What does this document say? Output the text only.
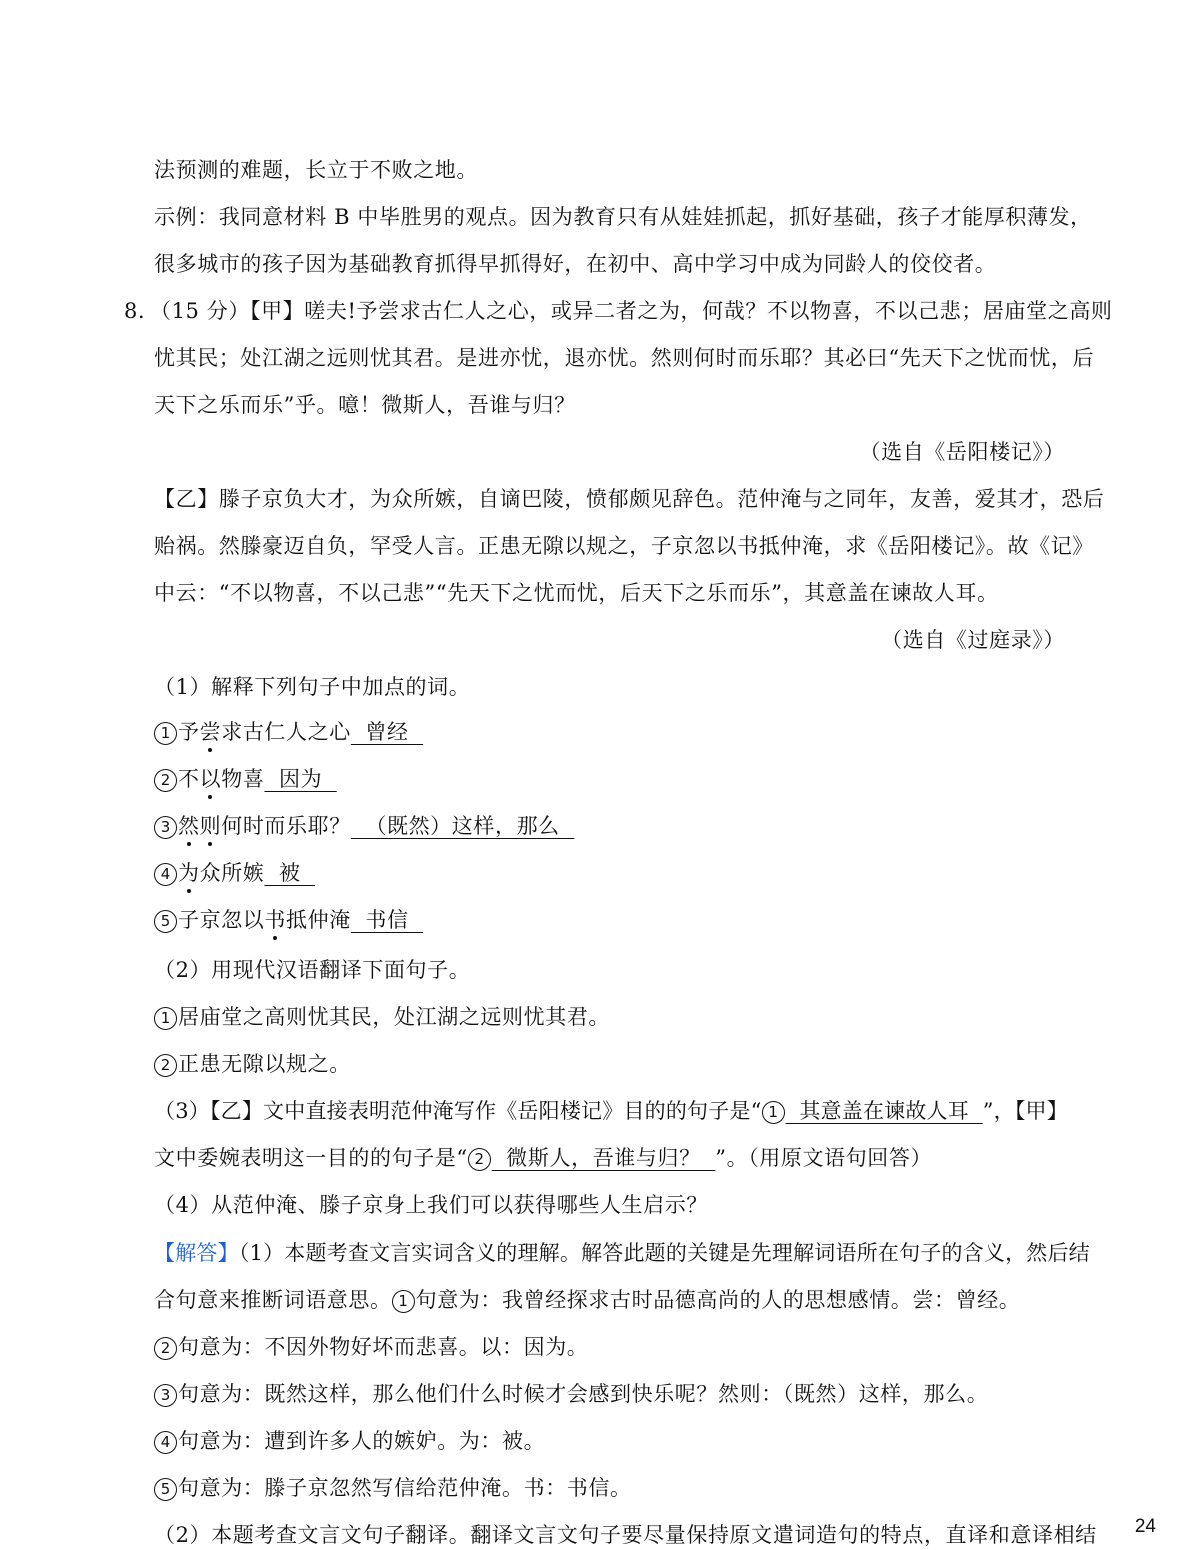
法预测的难题，长立于不败之地。
示例：我同意材料 B 中毕胜男的观点。因为教育只有从娃娃抓起，抓好基础，孩子才能厚积薄发，
很多城市的孩子因为基础教育抓得早抓得好，在初中、高中学习中成为同龄人的佼佼者。
8．
（15 分）【甲】嗟夫!予尝求古仁人之心，或异二者之为，何哉？不以物喜，不以己悲；居庙堂之高则
忧其民；处江湖之远则忧其君。是进亦忧，退亦忧。然则何时而乐耶？其必曰“先天下之忧而忧，后
天下之乐而乐”乎。噫！微斯人，吾谁与归？
（选自《岳阳楼记》）
【乙】滕子京负大才，为众所嫉，自谪巴陵，愤郁颇见辞色。范仲淹与之同年，友善，爱其才，恐后
贻祸。然滕豪迈自负，罕受人言。正患无隙以规之，子京忽以书抵仲淹，求《岳阳楼记》。故《记》
中云：“不以物喜，不以己悲”“先天下之忧而忧，后天下之乐而乐”，其意盖在谏故人耳。
（选自《过庭录》）
（1）解释下列句子中加点的词。
1 予尝求古仁人之心  曾经
2 不以物喜  因为
3 然则何时而乐耶？  （既然）这样，那么
4 为众所嫉  被
5 子京忽以书抵仲淹  书信
（2）用现代汉语翻译下面句子。
1 居庙堂之高则忧其民，处江湖之远则忧其君。
2 正患无隙以规之。
（3）【乙】文中直接表明范仲淹写作《岳阳楼记》目的的句子是“ 1  其意盖在谏故人耳  ”，【甲】
文中委婉表明这一目的的句子是“ 2  微斯人，吾谁与归？  ”。（用原文语句回答）
（4）从范仲淹、滕子京身上我们可以获得哪些人生启示？
【解答】（1）本题考查文言实词含义的理解。解答此题的关键是先理解词语所在句子的含义，然后结
合句意来推断词语意思。 1 句意为：我曾经探求古时品德高尚的人的思想感情。尝：曾经。
2 句意为：不因外物好坏而悲喜。以：因为。
3 句意为：既然这样，那么他们什么时候才会感到快乐呢？然则：（既然）这样，那么。
4 句意为：遭到许多人的嫉妒。为：被。
5 句意为：滕子京忽然写信给范仲淹。书：书信。
（2）本题考查文言文句子翻译。翻译文言文句子要尽量保持原文遣词造句的特点，直译和意译相结 24
